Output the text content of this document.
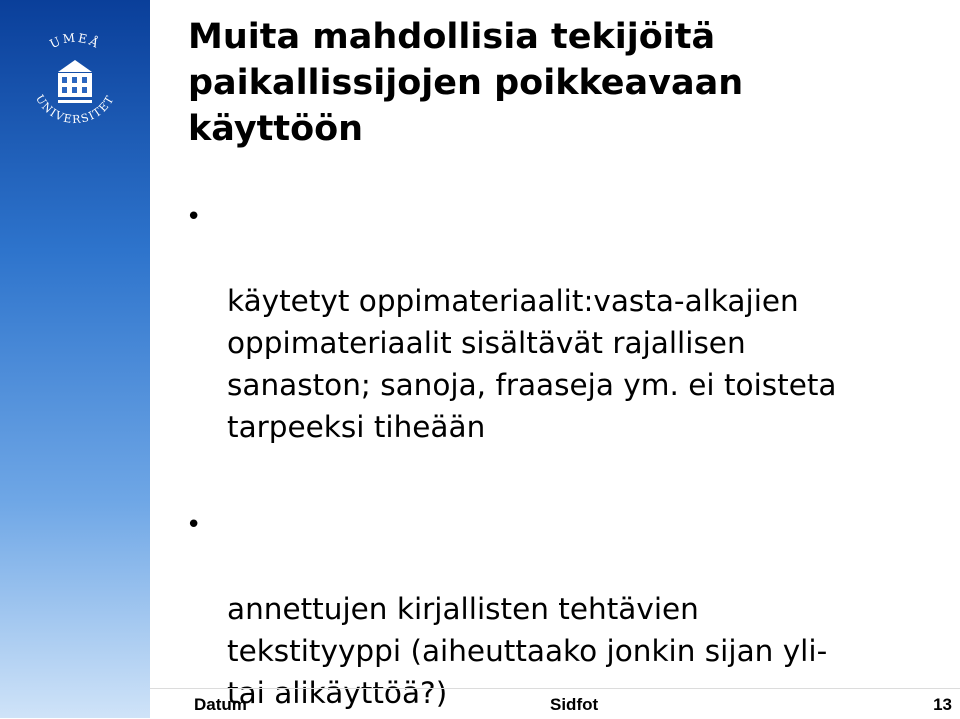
UMEÅ
UNIVERSITET
Muita mahdollisia tekijöitä paikallissijojen poikkeavaan käyttöön

•

käytetyt oppimateriaalit:vasta-alkajien
oppimateriaalit sisältävät rajallisen
sanaston; sanoja, fraaseja ym. ei toisteta
tarpeeksi tiheään

•

annettujen kirjallisten tehtävien
tekstityyppi (aiheuttaako jonkin sijan yli-
tai alikäyttöä?)

Datum	Sidfot	13
